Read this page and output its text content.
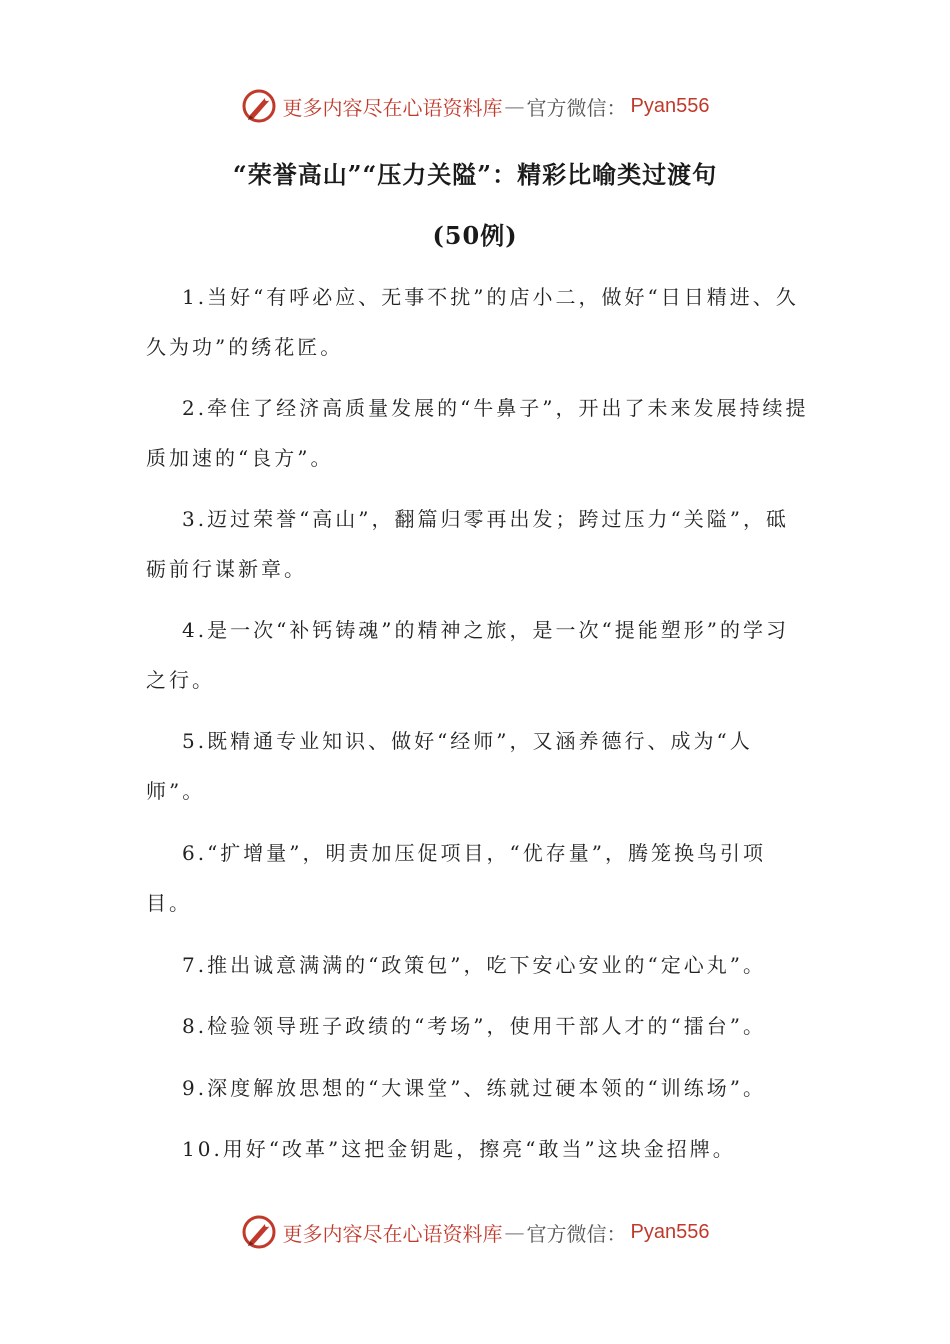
更多内容尽在心语资料库 — 官方微信： Pyan556
“荣誉高山”“压力关隘”：精彩比喻类过渡句
(50例)

1.当好“有呼必应、无事不扰”的店小二，做好“日日精进、久久为功”的绣花匠。

2.牵住了经济高质量发展的“牛鼻子”，开出了未来发展持续提质加速的“良方”。

3.迈过荣誉“高山”，翻篇归零再出发；跨过压力“关隘”，砥砺前行谋新章。

4.是一次“补钙铸魂”的精神之旅，是一次“提能塑形”的学习之行。

5.既精通专业知识、做好“经师”，又涵养德行、成为“人师”。

6.“扩增量”，明责加压促项目，“优存量”，腾笼换鸟引项目。

7.推出诚意满满的“政策包”，吃下安心安业的“定心丸”。

8.检验领导班子政绩的“考场”，使用干部人才的“擂台”。

9.深度解放思想的“大课堂”、练就过硬本领的“训练场”。

10.用好“改革”这把金钥匙，擦亮“敢当”这块金招牌。

更多内容尽在心语资料库 — 官方微信： Pyan556
